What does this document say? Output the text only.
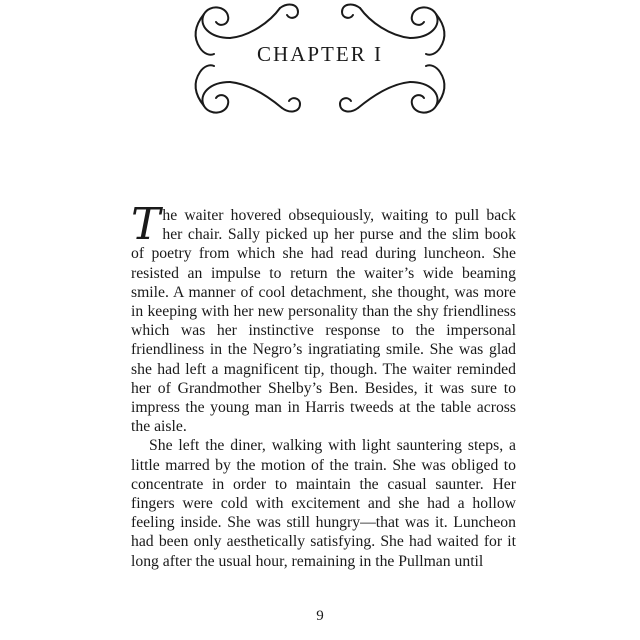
CHAPTER I

The waiter hovered obsequiously, waiting to pull back her chair. Sally picked up her purse and the slim book of poetry from which she had read during luncheon. She resisted an impulse to return the waiter’s wide beaming smile. A manner of cool detachment, she thought, was more in keeping with her new personality than the shy friendliness which was her instinctive response to the impersonal friendliness in the Negro’s ingratiating smile. She was glad she had left a magnificent tip, though. The waiter reminded her of Grandmother Shelby’s Ben. Besides, it was sure to impress the young man in Harris tweeds at the table across the aisle.

She left the diner, walking with light sauntering steps, a little marred by the motion of the train. She was obliged to concentrate in order to maintain the casual saunter. Her fingers were cold with excitement and she had a hollow feeling inside. She was still hungry—that was it. Luncheon had been only aesthetically satisfying. She had waited for it long after the usual hour, remaining in the Pullman until

9
